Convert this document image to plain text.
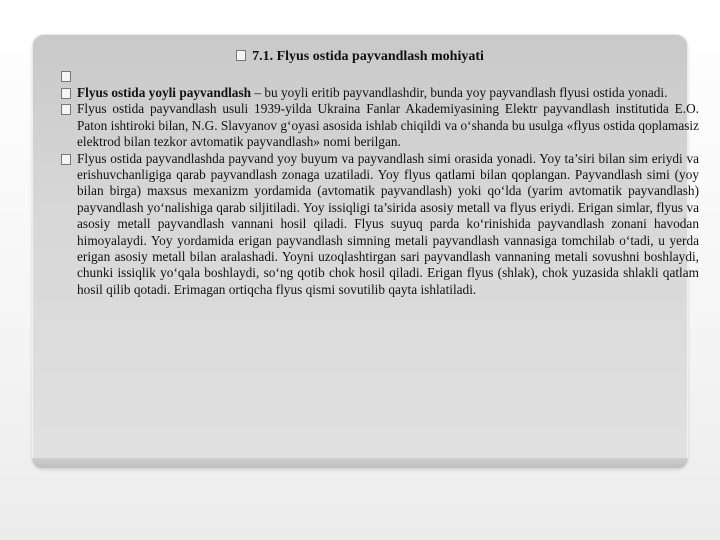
7.1. Flyus ostida payvandlash mohiyati
Flyus ostida yoyli payvandlash – bu yoyli eritib payvandlashdir, bunda yoy payvandlash flyusi ostida yonadi.
Flyus ostida payvandlash usuli 1939-yilda Ukraina Fanlar Akademiyasining Elektr payvandlash institutida E.O. Paton ishtiroki bilan, N.G. Slavyanov g‘oyasi asosida ishlab chiqildi va o‘shanda bu usulga «flyus ostida qoplamasiz elektrod bilan tezkor avtomatik payvandlash» nomi berilgan.
Flyus ostida payvandlashda payvand yoy buyum va payvandlash simi orasida yonadi. Yoy ta’siri bilan sim eriydi va erishuvchanligiga qarab payvandlash zonaga uzatiladi. Yoy flyus qatlami bilan qoplangan. Payvandlash simi (yoy bilan birga) maxsus mexanizm yordamida (avtomatik payvandlash) yoki qo‘lda (yarim avtomatik payvandlash) payvandlash yo‘nalishiga qarab siljitiladi. Yoy issiqligi ta’sirida asosiy metall va flyus eriydi. Erigan simlar, flyus va asosiy metall payvandlash vannani hosil qiladi. Flyus suyuq parda ko‘rinishida payvandlash zonani havodan himoyalaydi. Yoy yordamida erigan payvandlash simning metali payvandlash vannasiga tomchilab o‘tadi, u yerda erigan asosiy metall bilan aralashadi. Yoyni uzoqlashtirgan sari payvandlash vannaning metali sovushni boshlaydi, chunki issiqlik yo‘qala boshlaydi, so‘ng qotib chok hosil qiladi. Erigan flyus (shlak), chok yuzasida shlakli qatlam hosil qilib qotadi. Erimagan ortiqcha flyus qismi sovutilib qayta ishlatiladi.
